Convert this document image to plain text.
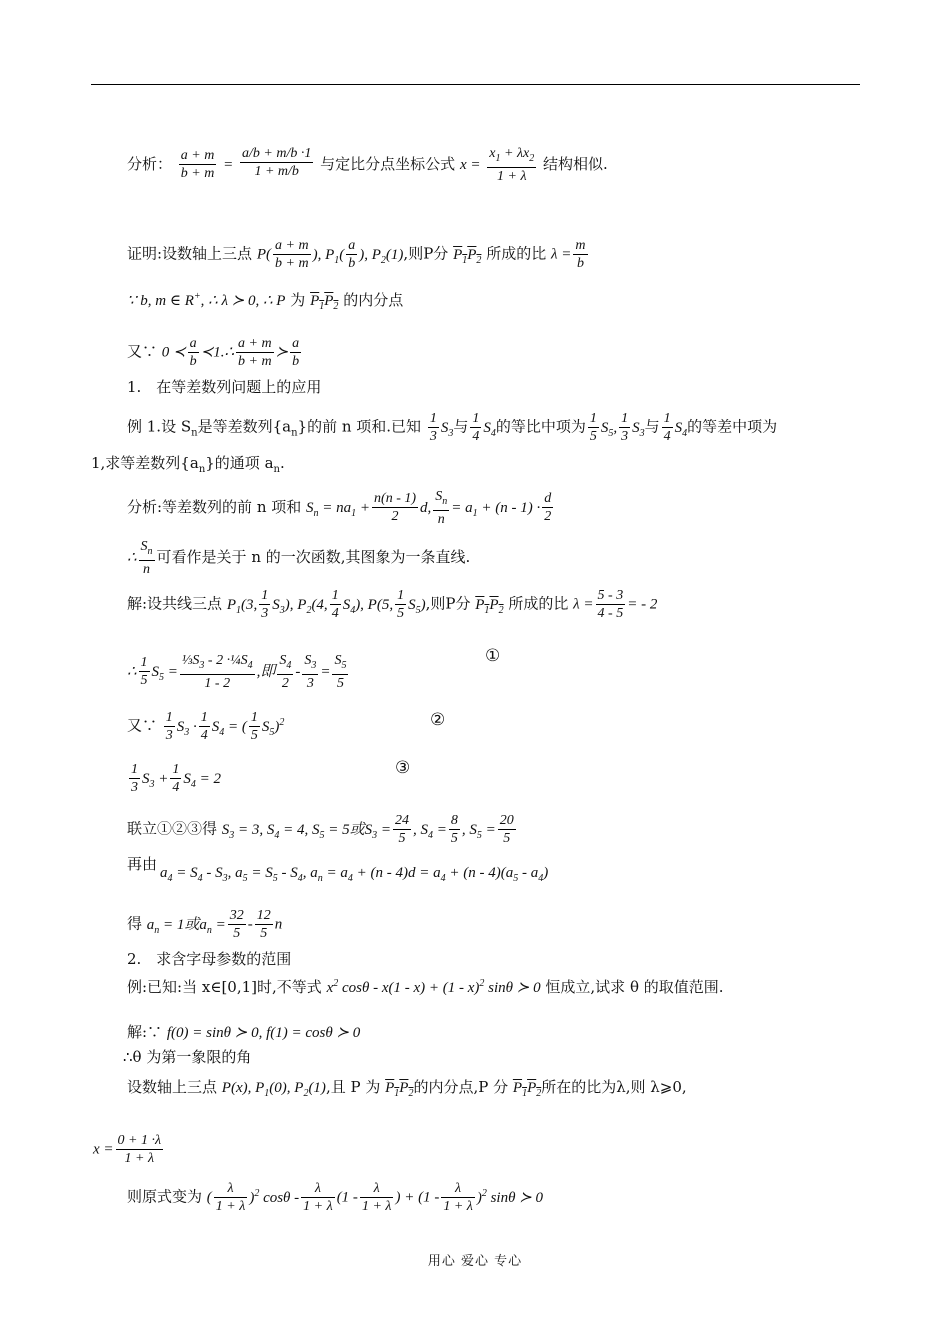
分析： $\frac{a + m}{b + m} = \frac{a/b + m/b \cdot 1}{1 + m/b}$ 与定比分点坐标公式 $x = \frac{x_1 + \lambda x_2}{1 + \lambda}$ 结构相似.
证明:设数轴上三点 $P( \frac{a + m}{b + m}$ ), $P_1( \frac{a}{b}$ ), $P_2(1)$,则P分 $P_1P_2$ 所成的比 $\lambda = \frac{m}{b}$
∵ b, m ∈ R+, ∴ λ ≻ 0, ∴ P 为 $P_1P_2$ 的内分点
又∵ 0 ≺ $\frac{a}{b}$ ≺1.∴ $\frac{a + m}{b + m}$ ≻ $\frac{a}{b}$
1.　在等差数列问题上的应用
例 1.设 $S_n$是等差数列$\{a_n\}$的前 n 项和.已知 $\frac{1}{3} S_3$与 $\frac{1}{4} S_4$的等比中项为 $\frac{1}{5} S_5$, $\frac{1}{3} S_3$与 $\frac{1}{4} S_4$的等差中项为
1,求等差数列$\{a_n\}$的通项 $a_n$.
分析:等差数列的前 n 项和 $S_n = na_1 + \frac{n(n - 1)}{2} d$, $\frac{S_n}{n} = a_1 + (n - 1) \cdot \frac{d}{2}$
∴ $\frac{S_n}{n}$ 可看作是关于 n 的一次函数,其图象为一条直线.
解:设共线三点 $P_1(3$, $\frac{1}{3} S_3$), $P_2(4$, $\frac{1}{4} S_4$), P(5, $\frac{1}{5} S_5$),则P分 $P_1P_2$ 所成的比 $\lambda = \frac{5 - 3}{4 - 5}$ = - 2
∴ $\frac{1}{5} S_5 = \frac{\frac{1}{3}S_3 - 2 \cdot\frac{1}{4}S_4}{1 - 2}$ ,即 $\frac{S_4}{2} - \frac{S_3}{3} = \frac{S_5}{5}$	①
又∵ $\frac{1}{3} S_3 \cdot \frac{1}{4} S_4$ = ( $\frac{1}{5} S_5)^2$	②
$\frac{1}{3} S_3 + \frac{1}{4} S_4 = 2$
③
联立①②③得 $S_3 = 3$, $S_4 = 4$, $S_5 = 5$或$S_3 = \frac{24}{5}$ , $S_4 = \frac{8}{5}$ , $S_5 = \frac{20}{5}$
再由 $a_4 = S_4 - S_3$, $a_5 = S_5 - S_4$, $a_n = a_4 + (n - 4)d = a_4 + (n - 4)(a_5 - a_4)$
得 $a_n = 1$或$a_n = \frac{32}{5} - \frac{12}{5}$ n
2.　求含字母参数的范围
例:已知:当 x∈[0,1]时,不等式 $x^2$ cosθ - x(1 - x) + (1 - x)$^2$ sinθ ≻ 0 恒成立,试求 θ 的取值范围.
解:∵ f(0) = sinθ ≻ 0, f(1) = cosθ ≻ 0
∴θ 为第一象限的角
设数轴上三点 P(x), $P_1(0)$, $P_2(1)$,且 P 为 $P_1P_2$的内分点,P 分 $P_1P_2$所在的比为λ,则 λ⩾0,
$x = \frac{0 + 1 \cdot\lambda}{1 + \lambda}$
则原式变为 ( $\frac{\lambda}{1 + \lambda} )^2$ cosθ - $\frac{\lambda}{1 + \lambda} (1 - \frac{\lambda}{1 + \lambda}$ ) + $(1 - \frac{\lambda}{1 + \lambda} )^2$ sinθ ≻ 0
用心 爱心 专心
